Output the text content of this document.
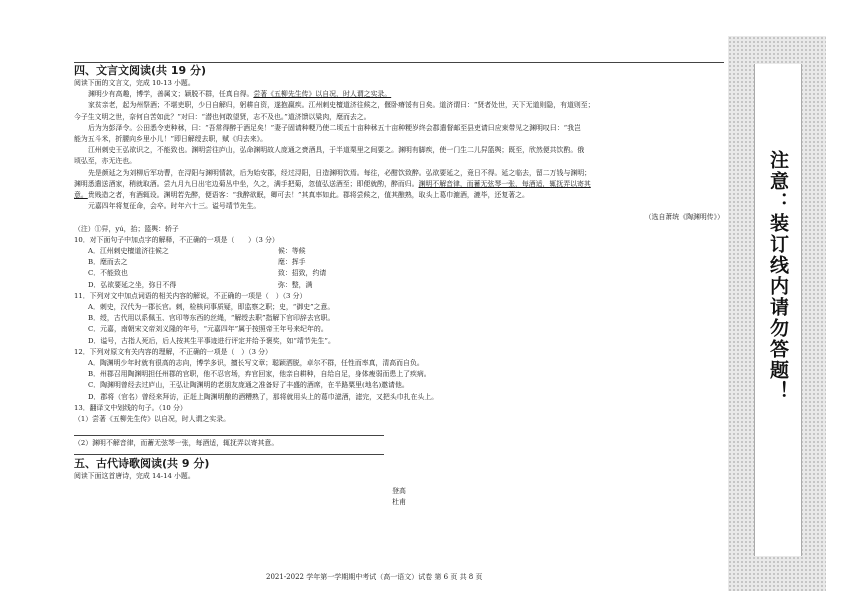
四、文言文阅读(共 19 分)
阅读下面的文言文，完成 10-13 小题。
渊明少有高趣，博学，善属文；颖脱不群，任真自得。尝著《五柳先生传》以自况，时人谓之实录。
家贫亲老，起为州祭酒；不堪吏职，少日自解归，躬耕自资，遂抱羸疾。江州刺史檀道济往候之，偃卧瘠馁有日矣。道济谓曰：“贤者处世，天下无道则隐，有道则至；
今子生文明之世，奈何自苦如此？”对曰：“潜也何敢望贤，志不及也。”道济馈以粱肉，麾而去之。
后为为彭泽令。公田悉令吏种秫，曰：“吾常得醉于酒足矣！”妻子固请种粳乃使二顷五十亩种秫五十亩种粳岁终会郡遣督邮至县吏请曰应束带见之渊明叹曰：“我岂
能为五斗米，折腰向乡里小儿！”即日解绶去职，赋《归去来》。
江州刺史王弘欲识之，不能致也。渊明尝往庐山，弘命渊明故人庞通之赍酒具，于半道栗里之间要之。渊明有脚疾，使一门生二儿舁篮舆；既至，欣然便共饮酌。俄
顷弘至，亦无迕也。
先是颜延之为刘柳后军功曹，在浔阳与渊明情款，后为始安郡，经过浔阳，日造渊明饮焉。每往，必酣饮致醉。弘欲要延之，竟日不得。延之临去，留二万钱与渊明；
渊明悉遣送酒家，稍就取酒。尝九月九日出宅边菊丛中坐，久之，满手把菊，忽值弘送酒至；即便就酌，醉而归。渊明不解音律，而蓄无弦琴一张，每酒适，辄抚弄以寄其
意。贵贱造之者，有酒辄设。渊明若先醉，便语客：“我醉欲眠，卿可去！”其真率如此。郡将尝候之，值其酿熟，取头上葛巾漉酒，漉毕，还复著之。
元嘉四年将复征命，会卒。时年六十三。谥号靖节先生。
（选自萧统《陶渊明传》）
（注）①舁，yú，抬；篮舆：轿子
10．对下面句子中加点字的解释，不正确的一项是（　　）（3 分）
A．江州刺史檀道济往候之	候：等候
B．麾而去之	麾：挥手
C．不能致也	致：招致，约请
D．弘欲要延之坐，弥日不得	弥：整，满
11．下列对文中加点词语的相关内容的解说，不正确的一项是（　）（3 分）
A．刺史，汉代为一郡长官。刺，检核问事质疑，即监察之职；史，“御史”之意。
B．绶，古代用以系佩玉、官印等东西的丝绳，“解绶去职”指解下官印辞去官职。
C．元嘉，南朝宋文帝刘义隆的年号，“元嘉四年”属于按照帝王年号来纪年的。
D．谥号，古指人死后，后人按其生平事迹进行评定并给予褒奖，如“靖节先生”。
12．下列对原文有关内容的理解，不正确的一项是（　）（3 分）
A．陶渊明少年时就有很高的志向，博学多识，擅长写文章；聪颖洒脱，卓尔不群，任性而率真，清高而自负。
B．州郡召用陶渊明担任州郡的官职，他不忍官场，弃官回家，他亲自耕种，自给自足，身体瘦弱而患上了疾病。
C．陶渊明曾经去过庐山，王弘让陶渊明的老朋友庞通之准备好了丰盛的酒席，在半路粟里(地名)邀请他。
D．郡将（官名）曾经来拜访，正赶上陶渊明酿的酒糟熟了，那将就用头上的葛巾滤酒，滤完，又把头巾扎在头上。
13．翻译文中划线的句子。（10 分）
（1）尝著《五柳先生传》以自况，时人谓之实录。
（2）渊明不解音律，而蓄无弦琴一张，每酒适，辄抚弄以寄其意。
五、古代诗歌阅读(共 9 分)
阅读下面这首唐诗，完成 14-14 小题。
登高
杜甫
2021-2022 学年第一学期期中考试（高一语文）试卷 第 6 页 共 8 页
注意：装订线内请勿答题！
